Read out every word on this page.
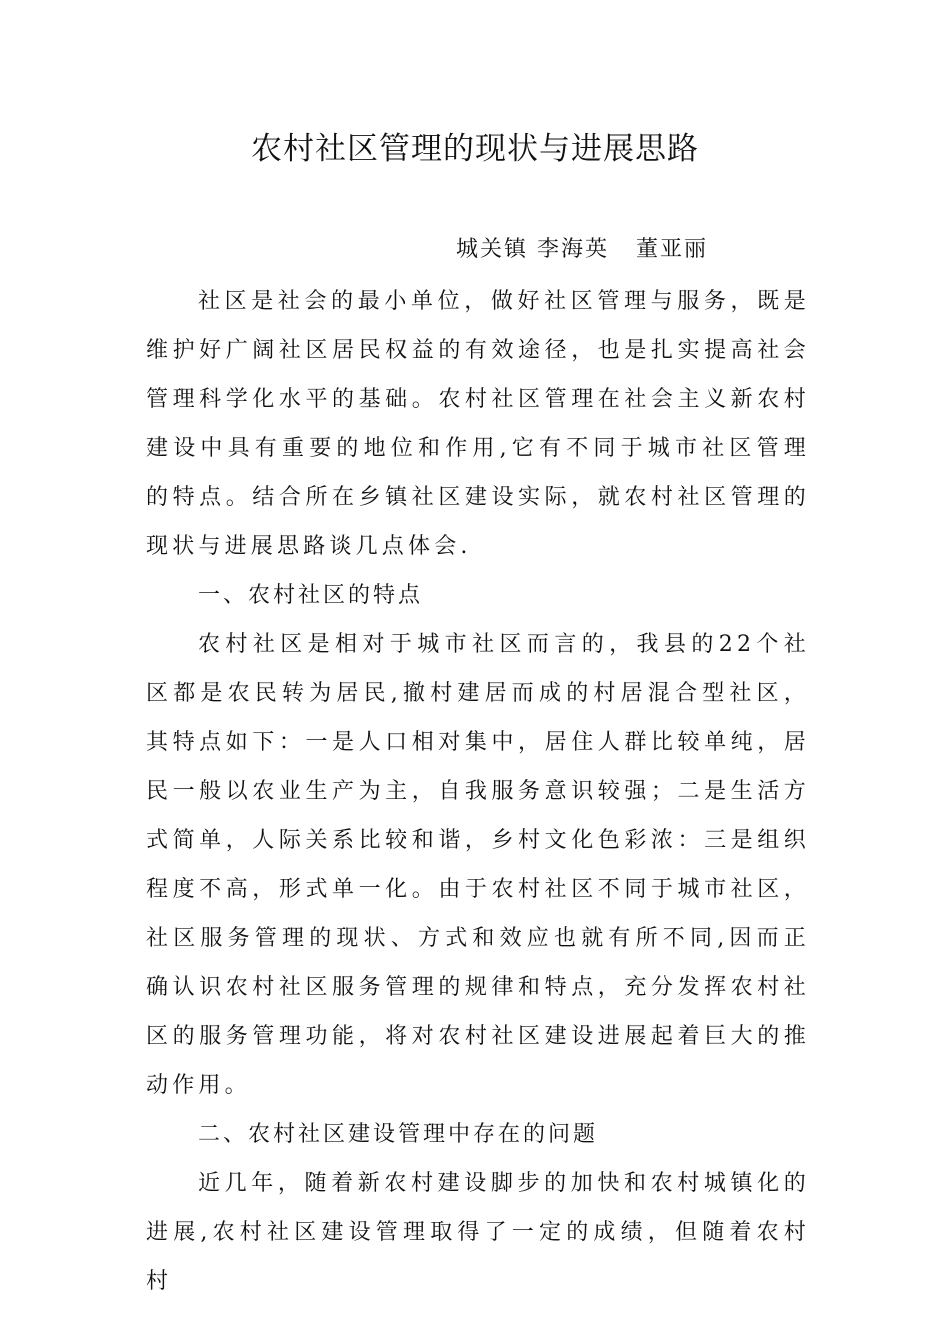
农村社区管理的现状与进展思路
城关镇 李海英   董亚丽

社区是社会的最小单位，做好社区管理与服务，既是维护好广阔社区居民权益的有效途径，也是扎实提高社会管理科学化水平的基础。农村社区管理在社会主义新农村建设中具有重要的地位和作用,它有不同于城市社区管理的特点。结合所在乡镇社区建设实际，就农村社区管理的现状与进展思路谈几点体会.

一、农村社区的特点

农村社区是相对于城市社区而言的，我县的22个社区都是农民转为居民,撤村建居而成的村居混合型社区，其特点如下：一是人口相对集中，居住人群比较单纯，居民一般以农业生产为主，自我服务意识较强；二是生活方式简单，人际关系比较和谐，乡村文化色彩浓：三是组织程度不高，形式单一化。由于农村社区不同于城市社区，社区服务管理的现状、方式和效应也就有所不同,因而正确认识农村社区服务管理的规律和特点，充分发挥农村社区的服务管理功能，将对农村社区建设进展起着巨大的推动作用。

二、农村社区建设管理中存在的问题

近几年，随着新农村建设脚步的加快和农村城镇化的进展,农村社区建设管理取得了一定的成绩，但随着农村村
